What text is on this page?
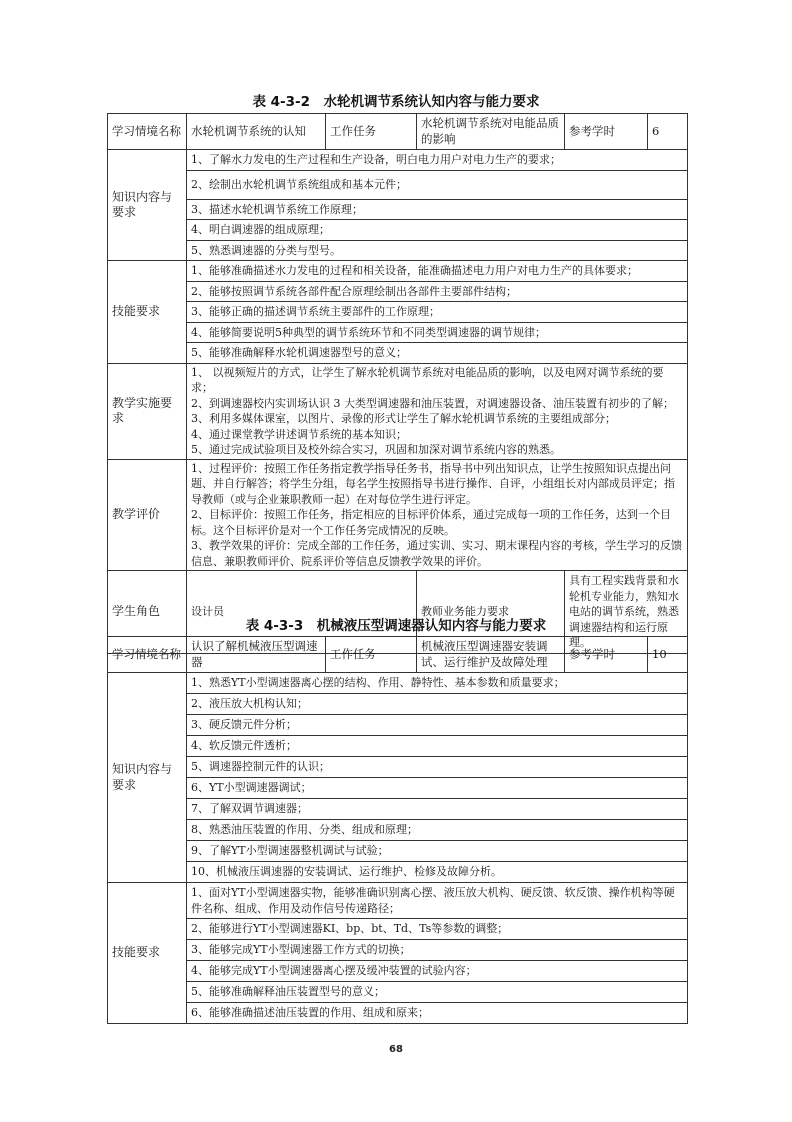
表 4-3-2　水轮机调节系统认知内容与能力要求
学习情境名称	水轮机调节系统的认知	工作任务	水轮机调节系统对电能品质的影响	参考学时	6
知识内容与要求	1、了解水力发电的生产过程和生产设备，明白电力用户对电力生产的要求；				
	2、绘制出水轮机调节系统组成和基本元件；				
	3、描述水轮机调节系统工作原理；				
	4、明白调速器的组成原理；				
	5、熟悉调速器的分类与型号。				
技能要求	1、能够准确描述水力发电的过程和相关设备，能准确描述电力用户对电力生产的具体要求；				
	2、能够按照调节系统各部件配合原理绘制出各部件主要部件结构；				
	3、能够正确的描述调节系统主要部件的工作原理；				
	4、能够简要说明5种典型的调节系统环节和不同类型调速器的调节规律；				
	5、能够准确解释水轮机调速器型号的意义；				
教学实施要求	1、 以视频短片的方式，让学生了解水轮机调节系统对电能品质的影响，以及电网对调节系统的要求；
2、到调速器校内实训场认识 3 大类型调速器和油压装置，对调速器设备、油压装置有初步的了解；
3、利用多媒体课室，以图片、录像的形式让学生了解水轮机调节系统的主要组成部分；
4、通过课堂教学讲述调节系统的基本知识；
5、通过完成试验项目及校外综合实习，巩固和加深对调节系统内容的熟悉。				

教学评价	1、过程评价：按照工作任务指定教学指导任务书，指导书中列出知识点，让学生按照知识点提出问题、并自行解答；将学生分组，每名学生按照指导书进行操作、自评，小组组长对内部成员评定；指导教师（或与企业兼职教师一起）在对每位学生进行评定。
2、目标评价：按照工作任务，指定相应的目标评价体系，通过完成每一项的工作任务，达到一个目标。这个目标评价是对一个工作任务完成情况的反映。
3、教学效果的评价：完成全部的工作任务，通过实训、实习、期末课程内容的考核，学生学习的反馈信息、兼职教师评价、院系评价等信息反馈教学效果的评价。				

学生角色	设计员		教师业务能力要求	具有工程实践背景和水轮机专业能力，熟知水电站的调节系统，熟悉调速器结构和运行原理。	
表 4-3-3　机械液压型调速器认知内容与能力要求
学习情境名称	认识了解机械液压型调速器	工作任务	机械液压型调速器安装调试、运行维护及故障处理	参考学时	10
知识内容与要求	1、熟悉YT小型调速器离心摆的结构、作用、静特性、基本参数和质量要求；				
	2、液压放大机构认知；				
	3、硬反馈元件分析；				
	4、软反馈元件透析；				
	5、调速器控制元件的认识；				
	6、YT小型调速器调试；				
	7、了解双调节调速器；				
	8、熟悉油压装置的作用、分类、组成和原理；				
	9、了解YT小型调速器整机调试与试验；				
	10、机械液压调速器的安装调试、运行维护、检修及故障分析。				
技能要求	1、面对YT小型调速器实物，能够准确识别离心摆、液压放大机构、硬反馈、软反馈、操作机构等硬件名称、组成、作用及动作信号传递路径；				
	2、能够进行YT小型调速器KI、bp、bt、Td、Ts等参数的调整；				
	3、能够完成YT小型调速器工作方式的切换；				
	4、能够完成YT小型调速器离心摆及缓冲装置的试验内容；				
	5、能够准确解释油压装置型号的意义；				
	6、能够准确描述油压装置的作用、组成和原来；				
68
